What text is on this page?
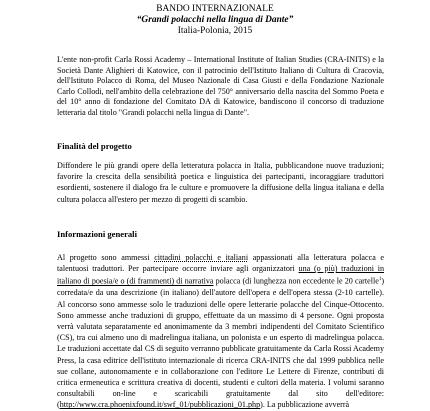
BANDO INTERNAZIONALE
“Grandi polacchi nella lingua di Dante”
Italia-Polonia, 2015
L'ente non-profit Carla Rossi Academy – International Institute of Italian Studies (CRA-INITS) e la Società Dante Alighieri di Katowice, con il patrocinio dell'Istituto Italiano di Cultura di Cracovia, dell'Istituto Polacco di Roma, del Museo Nazionale di Casa Giusti e della Fondazione Nazionale Carlo Collodi, nell'ambito della celebrazione del 750° anniversario della nascita del Sommo Poeta e del 10° anno di fondazione del Comitato DA di Katowice, bandiscono il concorso di traduzione letteraria dal titolo "Grandi polacchi nella lingua di Dante".
Finalità del progetto
Diffondere le più grandi opere della letteratura polacca in Italia, pubblicandone nuove traduzioni; favorire la crescita della sensibilità poetica e linguistica dei partecipanti, incoraggiare traduttori esordienti, sostenere il dialogo fra le culture e promuovere la diffusione della lingua italiana e della cultura polacca all'estero per mezzo di progetti di scambio.
Informazioni generali
Al progetto sono ammessi cittadini polacchi e italiani appassionati alla letteratura polacca e talentuosi traduttori. Per partecipare occorre inviare agli organizzatori una (o più) traduzioni in italiano di poesia/e o (di frammenti) di narrativa polacca (di lunghezza non eccedente le 20 cartelle$^1$) corredata/e da una descrizione (in italiano) dell'autore dell'opera e dell'opera stessa (2-10 cartelle). Al concorso sono ammesse solo le traduzioni delle opere letterarie polacche del Cinque-Ottocento. Sono ammesse anche traduzioni di gruppo, effettuate da un massimo di 4 persone. Ogni proposta verrà valutata separatamente ed anonimamente da 3 membri indipendenti del Comitato Scientifico (CS), tra cui almeno uno di madrelingua italiana, un polonista e un esperto di madrelingua polacca. Le traduzioni accettate dal CS di seguito verranno pubblicate gratuitamente da Carla Rossi Academy Press, la casa editrice dell'istituto internazionale di ricerca CRA-INITS che dal 1999 pubblica nelle sue collane, autonomamente e in collaborazione con l'editore Le Lettere di Firenze, contributi di critica ermeneutica e scrittura creativa di docenti, studenti e cultori della materia. I volumi saranno consultabili on-line e scaricabili gratuitamente dal sito dell'editore: (http://www.cra.phoenixfound.it/swf_01/pubblicazioni_01.php). La pubblicazione avverrà
